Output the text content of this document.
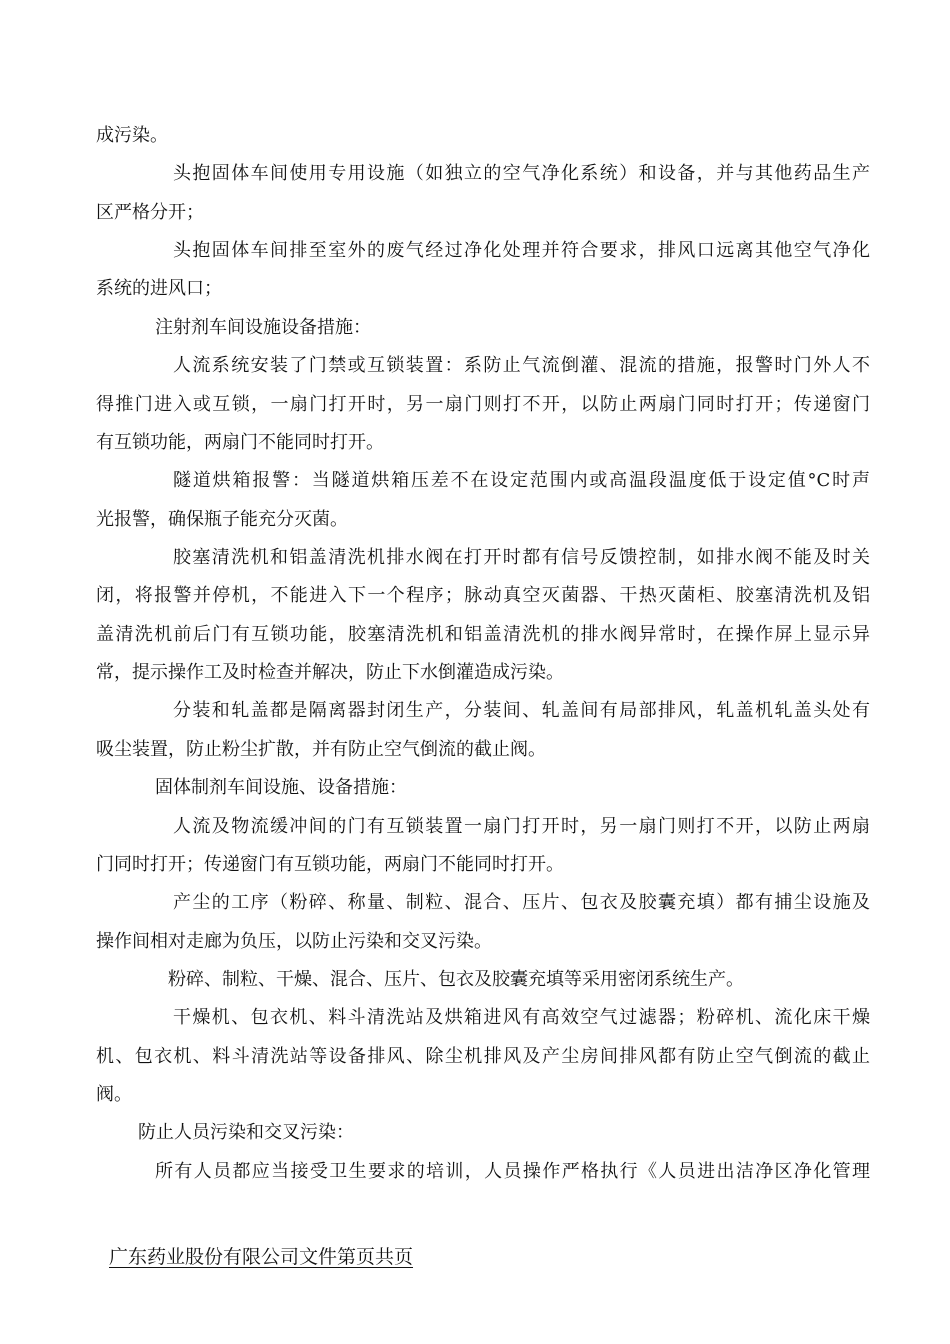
成污染。
头抱固体车间使用专用设施（如独立的空气净化系统）和设备，并与其他药品生产
区严格分开；
头抱固体车间排至室外的废气经过净化处理并符合要求，排风口远离其他空气净化
系统的进风口；
注射剂车间设施设备措施：
人流系统安装了门禁或互锁装置：系防止气流倒灌、混流的措施，报警时门外人不
得推门进入或互锁，一扇门打开时，另一扇门则打不开，以防止两扇门同时打开；传递窗门
有互锁功能，两扇门不能同时打开。
隧道烘箱报警：当隧道烘箱压差不在设定范围内或高温段温度低于设定值°C时声
光报警，确保瓶子能充分灭菌。
胶塞清洗机和铝盖清洗机排水阀在打开时都有信号反馈控制，如排水阀不能及时关
闭，将报警并停机，不能进入下一个程序；脉动真空灭菌器、干热灭菌柜、胶塞清洗机及铝
盖清洗机前后门有互锁功能，胶塞清洗机和铝盖清洗机的排水阀异常时，在操作屏上显示异
常，提示操作工及时检查并解决，防止下水倒灌造成污染。
分装和轧盖都是隔离器封闭生产，分装间、轧盖间有局部排风，轧盖机轧盖头处有
吸尘装置，防止粉尘扩散，并有防止空气倒流的截止阀。
固体制剂车间设施、设备措施：
人流及物流缓冲间的门有互锁装置一扇门打开时，另一扇门则打不开，以防止两扇
门同时打开；传递窗门有互锁功能，两扇门不能同时打开。
产尘的工序（粉碎、称量、制粒、混合、压片、包衣及胶囊充填）都有捕尘设施及
操作间相对走廊为负压，以防止污染和交叉污染。
粉碎、制粒、干燥、混合、压片、包衣及胶囊充填等采用密闭系统生产。
干燥机、包衣机、料斗清洗站及烘箱进风有高效空气过滤器；粉碎机、流化床干燥
机、包衣机、料斗清洗站等设备排风、除尘机排风及产尘房间排风都有防止空气倒流的截止
阀。
防止人员污染和交叉污染：
所有人员都应当接受卫生要求的培训，人员操作严格执行《人员进出洁净区净化管理
广东药业股份有限公司文件第页共页
